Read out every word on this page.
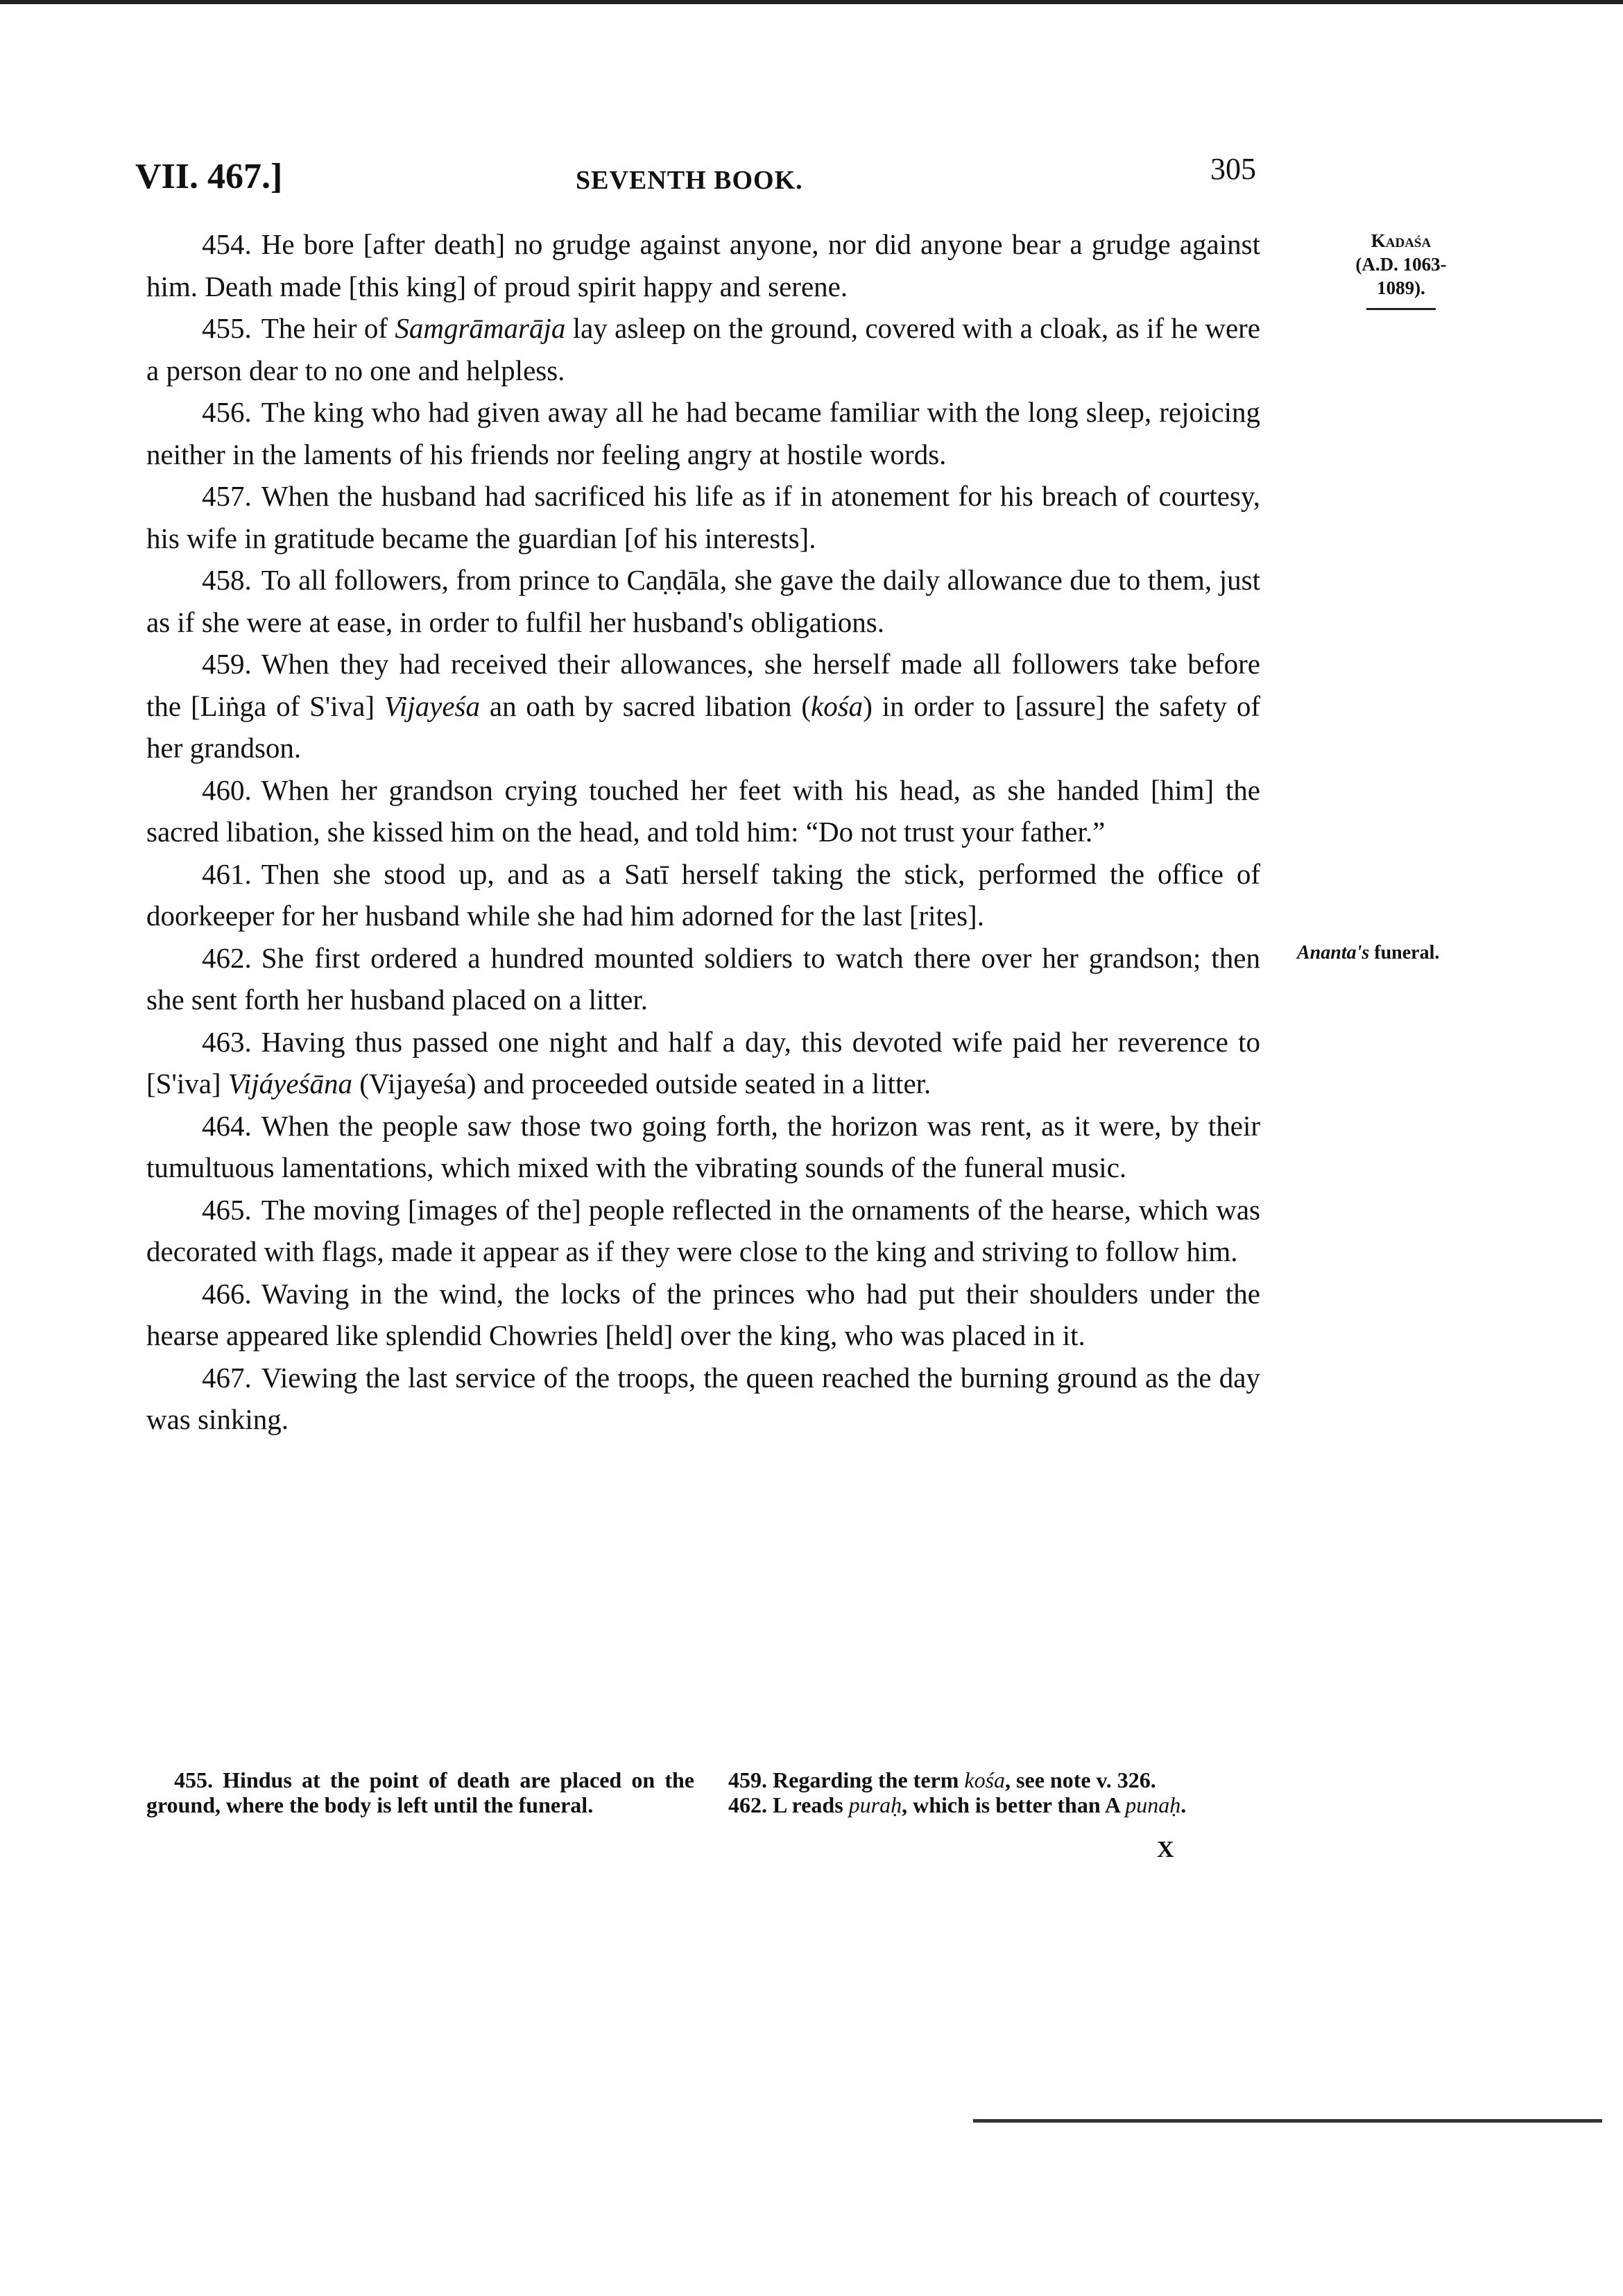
VII. 467.]	SEVENTH BOOK.	305
Kadaśa
(A.D. 1063-1089).
Ananta's funeral.

454. He bore [after death] no grudge against anyone, nor did anyone bear a grudge against him. Death made [this king] of proud spirit happy and serene.

455. The heir of Samgrāmarāja lay asleep on the ground, covered with a cloak, as if he were a person dear to no one and helpless.

456. The king who had given away all he had became familiar with the long sleep, rejoicing neither in the laments of his friends nor feeling angry at hostile words.

457. When the husband had sacrificed his life as if in atonement for his breach of courtesy, his wife in gratitude became the guardian [of his interests].

458. To all followers, from prince to Caṇḍāla, she gave the daily allowance due to them, just as if she were at ease, in order to fulfil her husband's obligations.

459. When they had received their allowances, she herself made all followers take before the [Liṅga of S'iva] Vijayeśa an oath by sacred libation (kośa) in order to [assure] the safety of her grandson.

460. When her grandson crying touched her feet with his head, as she handed [him] the sacred libation, she kissed him on the head, and told him: “Do not trust your father.”

461. Then she stood up, and as a Satī herself taking the stick, performed the office of doorkeeper for her husband while she had him adorned for the last [rites].

462. She first ordered a hundred mounted soldiers to watch there over her grandson; then she sent forth her husband placed on a litter.

463. Having thus passed one night and half a day, this devoted wife paid her reverence to [S'iva] Vijáyeśāna (Vijayeśa) and proceeded outside seated in a litter.

464. When the people saw those two going forth, the horizon was rent, as it were, by their tumultuous lamentations, which mixed with the vibrating sounds of the funeral music.

465. The moving [images of the] people reflected in the ornaments of the hearse, which was decorated with flags, made it appear as if they were close to the king and striving to follow him.

466. Waving in the wind, the locks of the princes who had put their shoulders under the hearse appeared like splendid Chowries [held] over the king, who was placed in it.

467. Viewing the last service of the troops, the queen reached the burning ground as the day was sinking.

455. Hindus at the point of death are placed on the ground, where the body is left until the funeral.

459. Regarding the term kośa, see note v. 326.

462. L reads puraḥ, which is better than A punaḥ.

X
